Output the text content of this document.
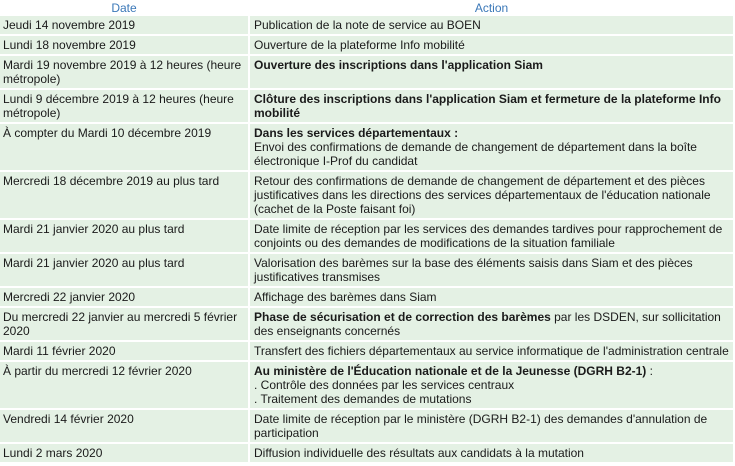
Date	Action
Jeudi 14 novembre 2019	Publication de la note de service au BOEN
Lundi 18 novembre 2019	Ouverture de la plateforme Info mobilité
Mardi 19 novembre 2019 à 12 heures (heure métropole)	Ouverture des inscriptions dans l'application Siam
Lundi 9 décembre 2019 à 12 heures (heure métropole)	Clôture des inscriptions dans l'application Siam et fermeture de la plateforme Info mobilité
À compter du Mardi 10 décembre 2019	Dans les services départementaux :
Envoi des confirmations de demande de changement de département dans la boîte électronique I-Prof du candidat
Mercredi 18 décembre 2019 au plus tard	Retour des confirmations de demande de changement de département et des pièces justificatives dans les directions des services départementaux de l'éducation nationale (cachet de la Poste faisant foi)
Mardi 21 janvier 2020 au plus tard	Date limite de réception par les services des demandes tardives pour rapprochement de conjoints ou des demandes de modifications de la situation familiale
Mardi 21 janvier 2020 au plus tard	Valorisation des barèmes sur la base des éléments saisis dans Siam et des pièces justificatives transmises
Mercredi 22 janvier 2020	Affichage des barèmes dans Siam
Du mercredi 22 janvier au mercredi 5 février 2020	Phase de sécurisation et de correction des barèmes par les DSDEN, sur sollicitation des enseignants concernés
Mardi 11 février 2020	Transfert des fichiers départementaux au service informatique de l'administration centrale
À partir du mercredi 12 février 2020	Au ministère de l'Éducation nationale et de la Jeunesse (DGRH B2-1) :
. Contrôle des données par les services centraux
. Traitement des demandes de mutations
Vendredi 14 février 2020	Date limite de réception par le ministère (DGRH B2-1) des demandes d'annulation de participation
Lundi 2 mars 2020	Diffusion individuelle des résultats aux candidats à la mutation
